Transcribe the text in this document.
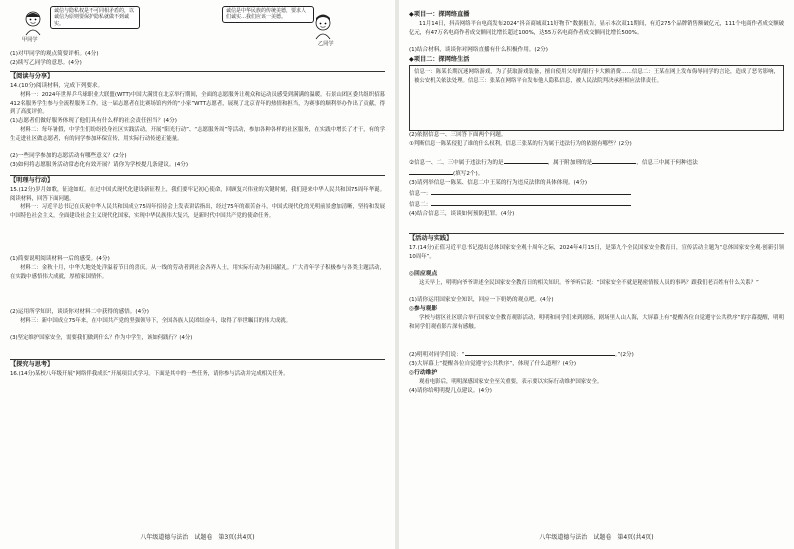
诚信与隐私权是不可同相矛盾的，以诚信为原则要保护隐私就做不到诚实。
甲同学
诚信是中华民族的传统美德，要求人们诚实…我们应该一美德。
乙同学
(1)对甲同学的观点简要评析。(4分)
(2)续写乙同学的意思。(4分)
【阅读与分享】
14.(10分)阅读材料，完成下列要求。
材料一：2024年世界乒乓球职业大联盟(WTT)中国大满贯在北京举行期间，全面的志愿服务让观众和运动员感受到满满的温暖。石景山团区委共组织招募412名服务学生参与全流程服务工作。这一届志愿者在比赛场馆内外的“小家”WTT志愿者，展现了北京青年的热情和担当，为赛事的顺利举办作出了贡献，得到了高度评价。
(1)志愿者们做好服务体现了他们具有什么样的社会责任担当？(4分)
材料二：每年暑假，中学生们纷纷投身社区实践活动，开展“阳光行动”、“志愿服务周”等活动，参加各种各样的社区服务，在实践中增长了才干，有的学生走进社区做志愿者，有的同学参加环保宣传，用实际行动传递正能量。
(2)一些同学参加的志愿活动有哪些意义？(2分)
(3)如何将志愿服务活动常态化有效开展？请你为学校提几条建议。(4分)
【明理与行动】
15.(12分)岁月如歌，征途如虹。在过中国式现代化建设新征程上，我们要牢记初心使命，回顾复兴伟业的关键时刻，我们迎来中华人民共和国75周年华诞。阅读材料，回答下面问题。
材料一：习近平总书记在庆祝中华人民共和国成立75周年招待会上发表讲话指出，经过75年的艰苦奋斗，中国式现代化的光明前景愈加清晰，坚持和发展中国特色社会主义，全面建设社会主义现代化国家，实现中华民族伟大复兴，是新时代中国共产党的使命任务。
(1)简要说明阅读材料一后的感受。(4分)
材料二：金秋十月，中华大地处处洋溢着节日的喜庆。从一线的劳动者到社会各界人士，用实际行动为祖国献礼。广大青年学子积极参与各类主题活动，在实践中感悟伟大成就，厚植家国情怀。
(2)运用所学知识，谈谈你对材料二中获得的感悟。(4分)
材料三：新中国成立75年来，在中国共产党的坚强领导下，全国各族人民团结奋斗，取得了举世瞩目的伟大成就。
(3)坚定维护国家安全，需要我们做到什么？作为中学生，该如何践行？(4分)
【探究与思考】
16.(14分)某校八年级开展“网络伴我成长”开展项目式学习。下面是其中的一些任务，请你参与活动并完成相关任务。
八年级道德与法治　试题卷　第3页(共4页)
◆项目一：探网络直播
11月14日，抖音网络平台电商发布2024“抖音商城双11好物节”数据报告，显示本次双11期间，有近275个品牌销售额破亿元，111个电商作者成交额破亿元，有47万名电商作者成交额同比增长超过100%，达55万名电商作者成交额同比增长500%。
(1)结合材料，谈谈你对网络直播有什么积极作用。(2分)
◆项目二：探网络生活
信息一：陈某长期沉迷网络游戏，为了获取游戏装备，擅自使用父母的银行卡大额消费……信息二：王某在网上发布侮辱同学的言论，造成了恶劣影响，被公安机关依法处理。信息三：张某在网络平台发布他人隐私信息，被人民法院判决承担相应法律责任。
(2)依据信息一、三回答下面两个问题。
①判断信息一陈某侵犯了谁的什么权利，信息三张某的行为属于违法行为的依据有哪些？(2分)
②信息一、二、三中属于违法行为的是	，属于附加刑的是	，信息三中属于何种违法
(填写2个)。
(3)请列举信息一陈某、信息二中王某的行为违反法律的具体体现。(4分)
信息一：
信息二：
(4)结合信息三，谈谈如何预防犯罪。(4分)
【活动与实践】
17.(14分)正值习近平总书记提出总体国家安全观十周年之际，2024年4月15日，是第九个全民国家安全教育日，宣传活动主题为“总体国家安全观·创新引领10周年”。
◎回应观点
这天早上，明明向爷爷讲述全民国家安全教育日的相关知识。爷爷听后说：“国家安全不就是秘密情报人员的事吗？跟我们老百姓有什么关系？”
(1)请你运用国家安全知识，回应一下奶奶的观点吧。(4分)
◎参与观影
学校与辖区社区联合举行国家安全教育观影活动，明明和同学们来到剧场，剧场里人山人海，大屏幕上有“提醒各位自觉遵守公共秩序”的字幕提醒，明明和同学们观看影片深有感触。
(2)明明对同学们说：“	。”(2分)
(3)大屏幕上“提醒各位自觉遵守公共秩序”，体现了什么道理？(4分)
◎行动维护
观看电影后，明明深感国家安全至关重要，表示要以实际行动维护国家安全。
(4)请你给明明提几点建议。(4分)
八年级道德与法治　试题卷　第4页(共4页)
